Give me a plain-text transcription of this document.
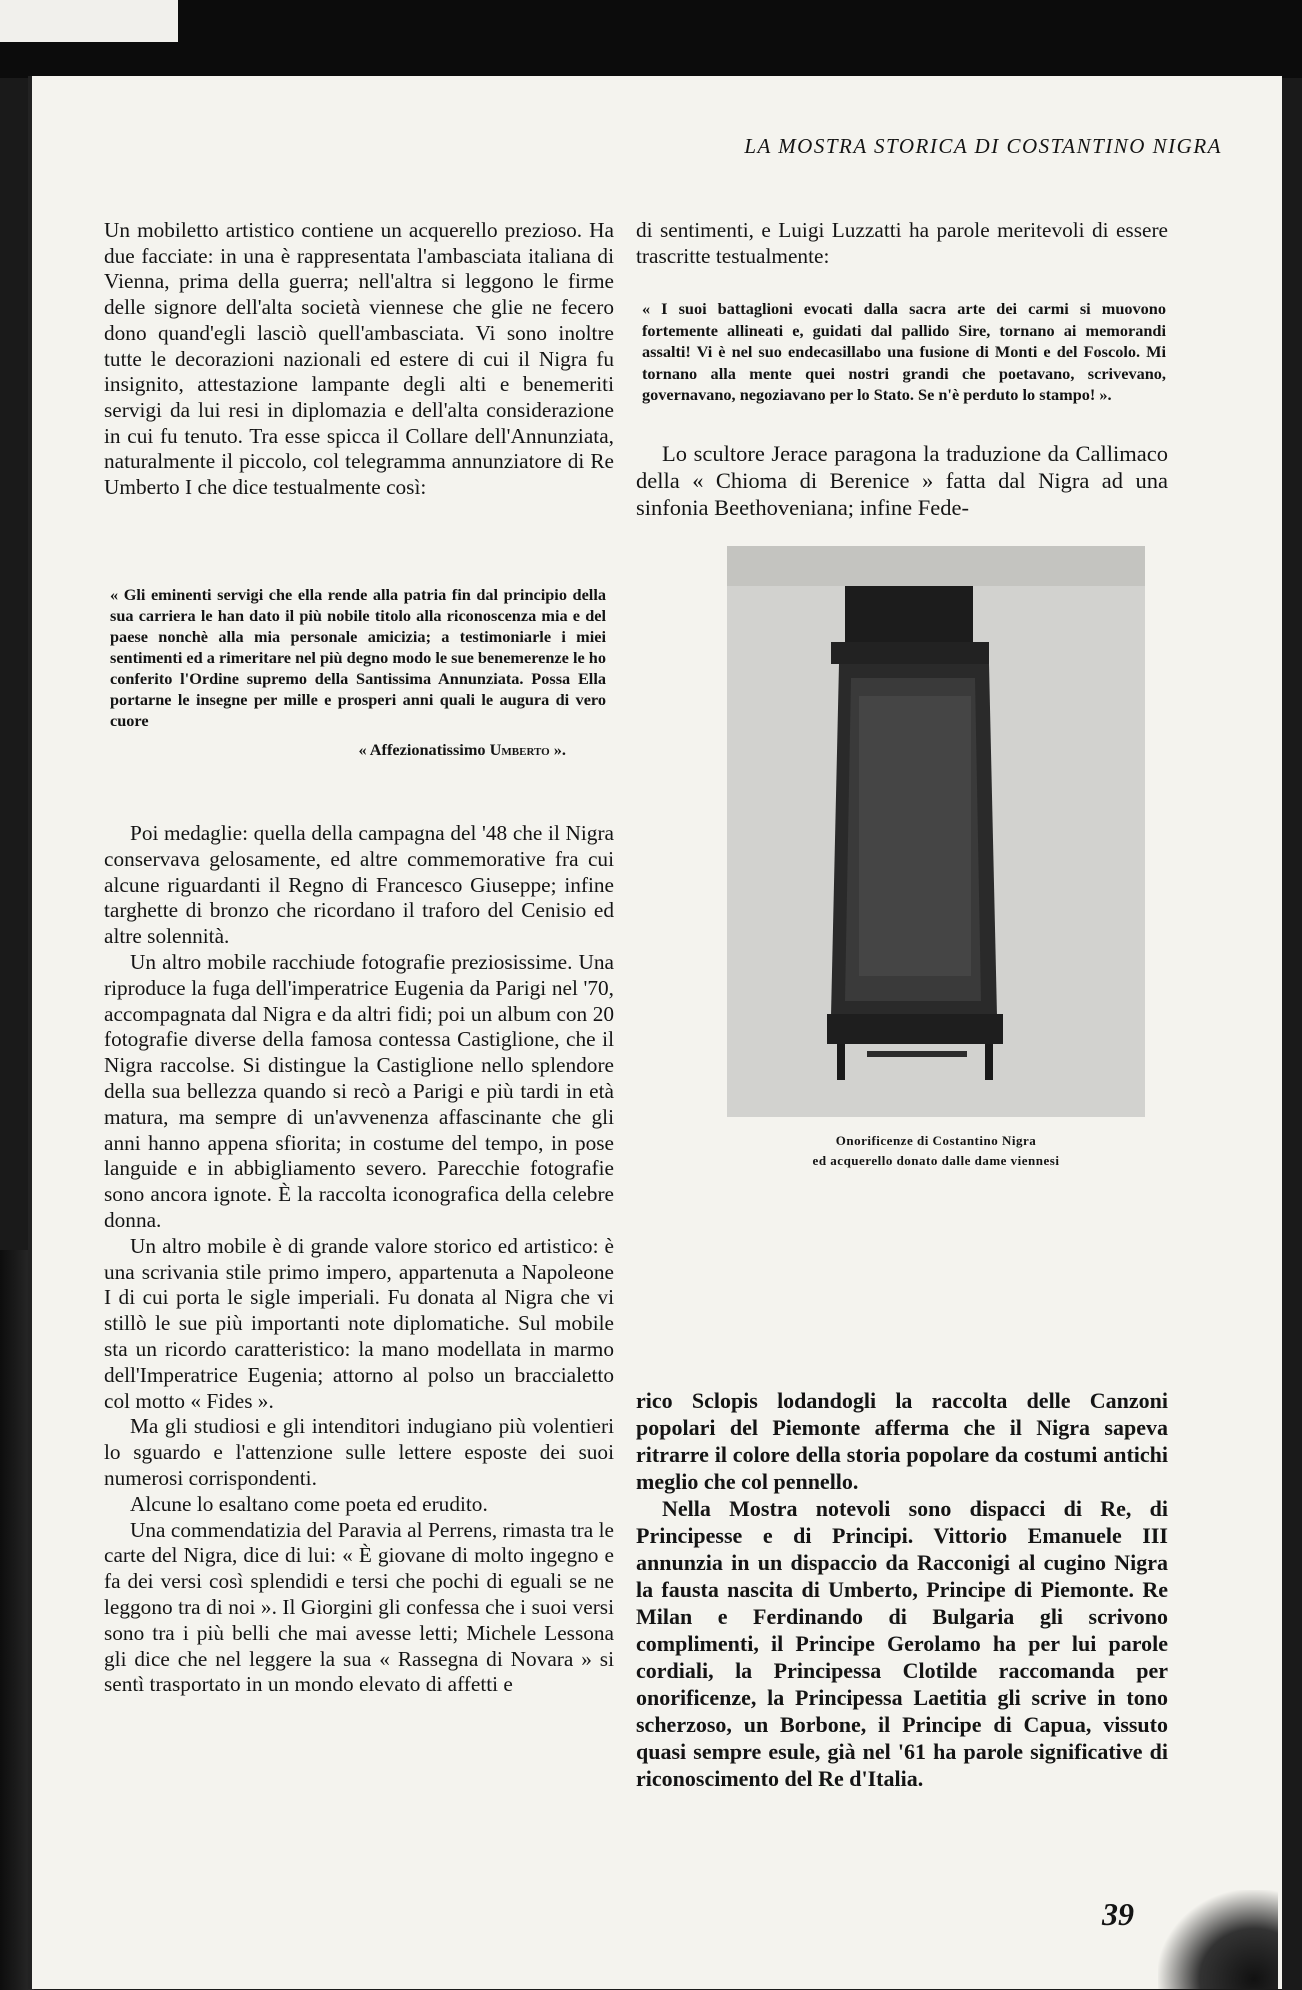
LA MOSTRA STORICA DI COSTANTINO NIGRA

Un mobiletto artistico contiene un acquerello prezioso. Ha due facciate: in una è rappresentata l'ambasciata italiana di Vienna, prima della guerra; nell'altra si leggono le firme delle signore dell'alta società viennese che glie ne fecero dono quand'egli lasciò quell'ambasciata. Vi sono inoltre tutte le decorazioni nazionali ed estere di cui il Nigra fu insignito, attestazione lampante degli alti e benemeriti servigi da lui resi in diplomazia e dell'alta considerazione in cui fu tenuto. Tra esse spicca il Collare dell'Annunziata, naturalmente il piccolo, col telegramma annunziatore di Re Umberto I che dice testualmente così:

« Gli eminenti servigi che ella rende alla patria fin dal principio della sua carriera le han dato il più nobile titolo alla riconoscenza mia e del paese nonchè alla mia personale amicizia; a testimoniarle i miei sentimenti ed a rimeritare nel più degno modo le sue benemerenze le ho conferito l'Ordine supremo della Santissima Annunziata. Possa Ella portarne le insegne per mille e prosperi anni quali le augura di vero cuore

« Affezionatissimo Umberto ».

Poi medaglie: quella della campagna del '48 che il Nigra conservava gelosamente, ed altre commemorative fra cui alcune riguardanti il Regno di Francesco Giuseppe; infine targhette di bronzo che ricordano il traforo del Cenisio ed altre solennità.

Un altro mobile racchiude fotografie preziosissime. Una riproduce la fuga dell'imperatrice Eugenia da Parigi nel '70, accompagnata dal Nigra e da altri fidi; poi un album con 20 fotografie diverse della famosa contessa Castiglione, che il Nigra raccolse. Si distingue la Castiglione nello splendore della sua bellezza quando si recò a Parigi e più tardi in età matura, ma sempre di un'avvenenza affascinante che gli anni hanno appena sfiorita; in costume del tempo, in pose languide e in abbigliamento severo. Parecchie fotografie sono ancora ignote. È la raccolta iconografica della celebre donna.

Un altro mobile è di grande valore storico ed artistico: è una scrivania stile primo impero, appartenuta a Napoleone I di cui porta le sigle imperiali. Fu donata al Nigra che vi stillò le sue più importanti note diplomatiche. Sul mobile sta un ricordo caratteristico: la mano modellata in marmo dell'Imperatrice Eugenia; attorno al polso un braccialetto col motto « Fides ».

Ma gli studiosi e gli intenditori indugiano più volentieri lo sguardo e l'attenzione sulle lettere esposte dei suoi numerosi corrispondenti.

Alcune lo esaltano come poeta ed erudito.

Una commendatizia del Paravia al Perrens, rimasta tra le carte del Nigra, dice di lui: « È giovane di molto ingegno e fa dei versi così splendidi e tersi che pochi di eguali se ne leggono tra di noi ». Il Giorgini gli confessa che i suoi versi sono tra i più belli che mai avesse letti; Michele Lessona gli dice che nel leggere la sua « Rassegna di Novara » si sentì trasportato in un mondo elevato di affetti e

di sentimenti, e Luigi Luzzatti ha parole meritevoli di essere trascritte testualmente:

« I suoi battaglioni evocati dalla sacra arte dei carmi si muovono fortemente allineati e, guidati dal pallido Sire, tornano ai memorandi assalti! Vi è nel suo endecasillabo una fusione di Monti e del Foscolo. Mi tornano alla mente quei nostri grandi che poetavano, scrivevano, governavano, negoziavano per lo Stato. Se n'è perduto lo stampo! ».

Lo scultore Jerace paragona la traduzione da Callimaco della « Chioma di Berenice » fatta dal Nigra ad una sinfonia Beethoveniana; infine Fede-

Onorificenze di Costantino Nigra
ed acquerello donato dalle dame viennesi

rico Sclopis lodandogli la raccolta delle Canzoni popolari del Piemonte afferma che il Nigra sapeva ritrarre il colore della storia popolare da costumi antichi meglio che col pennello.

Nella Mostra notevoli sono dispacci di Re, di Principesse e di Principi. Vittorio Emanuele III annunzia in un dispaccio da Racconigi al cugino Nigra la fausta nascita di Umberto, Principe di Piemonte. Re Milan e Ferdinando di Bulgaria gli scrivono complimenti, il Principe Gerolamo ha per lui parole cordiali, la Principessa Clotilde raccomanda per onorificenze, la Principessa Laetitia gli scrive in tono scherzoso, un Borbone, il Principe di Capua, vissuto quasi sempre esule, già nel '61 ha parole significative di riconoscimento del Re d'Italia.

39
